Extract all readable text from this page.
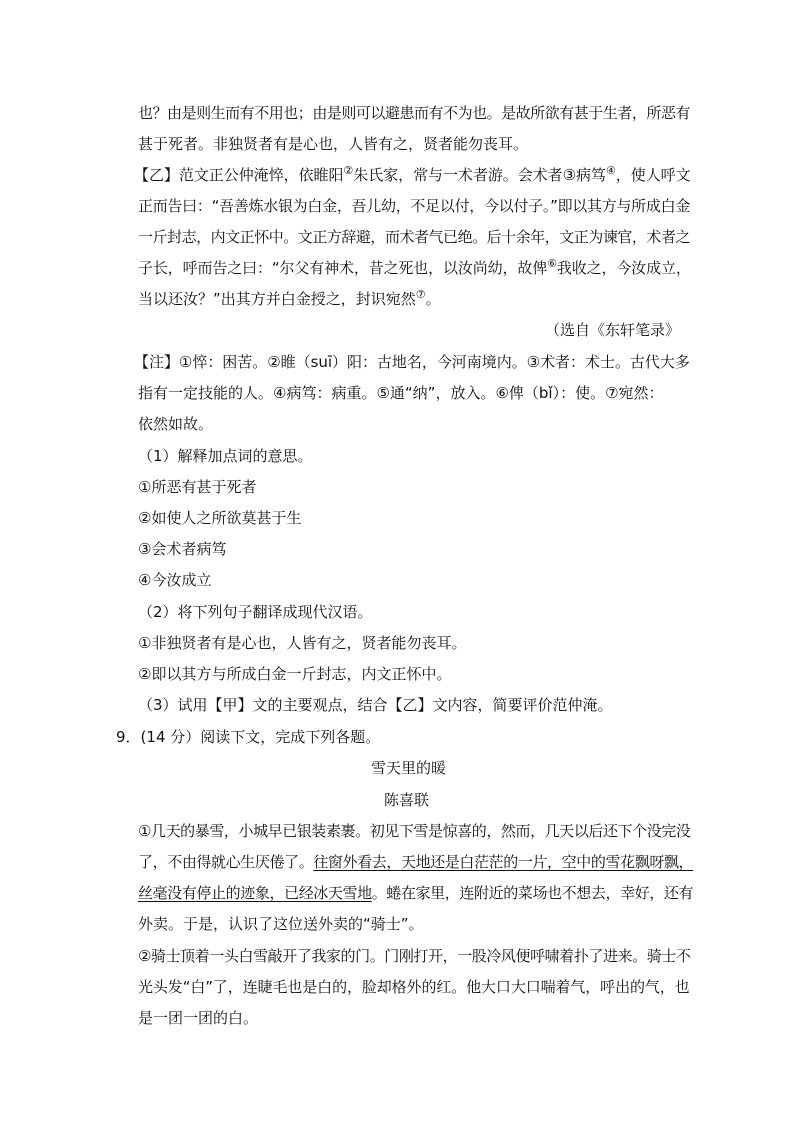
也？由是则生而有不用也；由是则可以避患而有不为也。是故所欲有甚于生者，所恶有
甚于死者。非独贤者有是心也，人皆有之，贤者能勿丧耳。
【乙】范文正公仲淹悴，依睢阳②朱氏家，常与一术者游。会术者③病笃④，使人呼文
正而告曰：“吾善炼水银为白金，吾儿幼，不足以付，今以付子。”即以其方与所成白金
一斤封志，内文正怀中。文正方辞避，而术者气已绝。后十余年，文正为谏官，术者之
子长，呼而告之曰：“尔父有神术，昔之死也，以汝尚幼，故俾⑥我收之，今汝成立，
当以还汝？”出其方并白金授之，封识宛然⑦。
（选自《东轩笔录》
【注】①悴：困苦。②睢（suī）阳：古地名，今河南境内。③术者：术士。古代大多
指有一定技能的人。④病笃：病重。⑤通“纳”，放入。⑥俾（bǐ）：使。⑦宛然：
依然如故。
（1）解释加点词的意思。
①所恶有甚于死者
②如使人之所欲莫甚于生
③会术者病笃
④今汝成立
（2）将下列句子翻译成现代汉语。
①非独贤者有是心也，人皆有之，贤者能勿丧耳。
②即以其方与所成白金一斤封志，内文正怀中。
（3）试用【甲】文的主要观点，结合【乙】文内容，简要评价范仲淹。
9．(14 分）阅读下文，完成下列各题。
雪天里的暖
陈喜联
①几天的暴雪，小城早已银装素裹。初见下雪是惊喜的，然而，几天以后还下个没完没
了，不由得就心生厌倦了。往窗外看去，天地还是白茫茫的一片，空中的雪花飘呀飘，
丝毫没有停止的迹象，已经冰天雪地。蜷在家里，连附近的菜场也不想去，幸好，还有
外卖。于是，认识了这位送外卖的“骑士”。
②骑士顶着一头白雪敲开了我家的门。门刚打开，一股冷风便呼啸着扑了进来。骑士不
光头发“白”了，连睫毛也是白的，脸却格外的红。他大口大口喘着气，呼出的气，也
是一团一团的白。
